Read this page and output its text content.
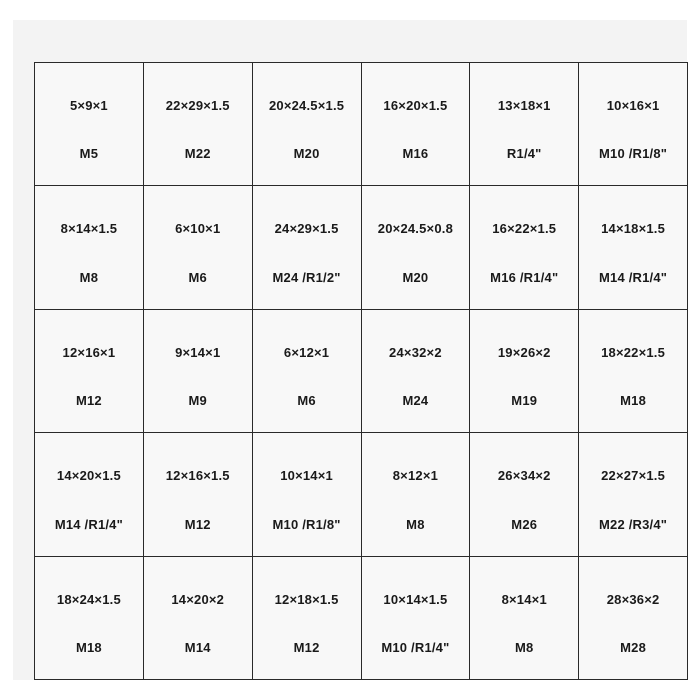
5×9×1
M5
22×29×1.5
M22
20×24.5×1.5
M20
16×20×1.5
M16
13×18×1
R1/4"
10×16×1
M10 /R1/8"
8×14×1.5
M8
6×10×1
M6
24×29×1.5
M24 /R1/2"
20×24.5×0.8
M20
16×22×1.5
M16 /R1/4"
14×18×1.5
M14 /R1/4"
12×16×1
M12
9×14×1
M9
6×12×1
M6
24×32×2
M24
19×26×2
M19
18×22×1.5
M18
14×20×1.5
M14 /R1/4"
12×16×1.5
M12
10×14×1
M10 /R1/8"
8×12×1
M8
26×34×2
M26
22×27×1.5
M22 /R3/4"
18×24×1.5
M18
14×20×2
M14
12×18×1.5
M12
10×14×1.5
M10 /R1/4"
8×14×1
M8
28×36×2
M28
